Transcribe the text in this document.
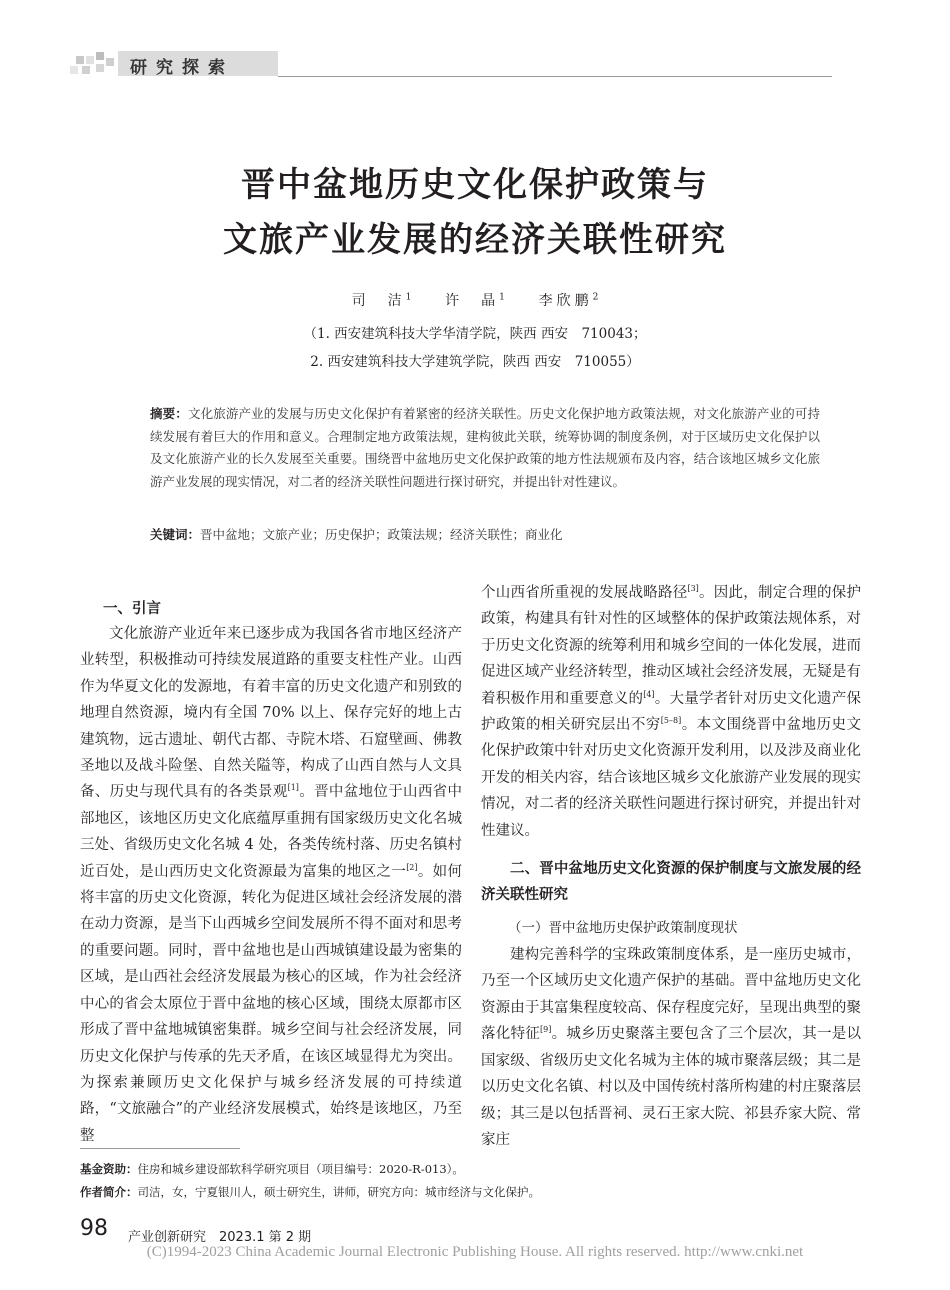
研究探索
晋中盆地历史文化保护政策与
文旅产业发展的经济关联性研究
司　洁$^1$ 许　晶$^1$ 李欣鹏$^2$
（1. 西安建筑科技大学华清学院，陕西 西安　710043；
2. 西安建筑科技大学建筑学院，陕西 西安　710055）
摘要：文化旅游产业的发展与历史文化保护有着紧密的经济关联性。历史文化保护地方政策法规，对文化旅游产业的可持续发展有着巨大的作用和意义。合理制定地方政策法规，建构彼此关联，统筹协调的制度条例，对于区域历史文化保护以及文化旅游产业的长久发展至关重要。围绕晋中盆地历史文化保护政策的地方性法规颁布及内容，结合该地区城乡文化旅游产业发展的现实情况，对二者的经济关联性问题进行探讨研究，并提出针对性建议。
关键词：晋中盆地；文旅产业；历史保护；政策法规；经济关联性；商业化
一、引言
文化旅游产业近年来已逐步成为我国各省市地区经济产业转型，积极推动可持续发展道路的重要支柱性产业。山西作为华夏文化的发源地，有着丰富的历史文化遗产和别致的地理自然资源，境内有全国 70% 以上、保存完好的地上古建筑物，远古遗址、朝代古都、寺院木塔、石窟壁画、佛教圣地以及战斗险堡、自然关隘等，构成了山西自然与人文具备、历史与现代具有的各类景观[1]。晋中盆地位于山西省中部地区，该地区历史文化底蕴厚重拥有国家级历史文化名城三处、省级历史文化名城 4 处，各类传统村落、历史名镇村近百处，是山西历史文化资源最为富集的地区之一[2]。如何将丰富的历史文化资源，转化为促进区域社会经济发展的潜在动力资源，是当下山西城乡空间发展所不得不面对和思考的重要问题。同时，晋中盆地也是山西城镇建设最为密集的区域，是山西社会经济发展最为核心的区域，作为社会经济中心的省会太原位于晋中盆地的核心区域，围绕太原都市区形成了晋中盆地城镇密集群。城乡空间与社会经济发展，同历史文化保护与传承的先天矛盾，在该区域显得尤为突出。为探索兼顾历史文化保护与城乡经济发展的可持续道路，“文旅融合”的产业经济发展模式，始终是该地区，乃至整
个山西省所重视的发展战略路径[3]。因此，制定合理的保护政策，构建具有针对性的区域整体的保护政策法规体系，对于历史文化资源的统筹利用和城乡空间的一体化发展，进而促进区域产业经济转型，推动区域社会经济发展，无疑是有着积极作用和重要意义的[4]。大量学者针对历史文化遗产保护政策的相关研究层出不穷[5–8]。本文围绕晋中盆地历史文化保护政策中针对历史文化资源开发利用，以及涉及商业化开发的相关内容，结合该地区城乡文化旅游产业发展的现实情况，对二者的经济关联性问题进行探讨研究，并提出针对性建议。
二、晋中盆地历史文化资源的保护制度与文旅发展的经济关联性研究
（一）晋中盆地历史保护政策制度现状
建构完善科学的宝珠政策制度体系，是一座历史城市，乃至一个区域历史文化遗产保护的基础。晋中盆地历史文化资源由于其富集程度较高、保存程度完好，呈现出典型的聚落化特征[9]。城乡历史聚落主要包含了三个层次，其一是以国家级、省级历史文化名城为主体的城市聚落层级；其二是以历史文化名镇、村以及中国传统村落所构建的村庄聚落层级；其三是以包括晋祠、灵石王家大院、祁县乔家大院、常家庄
基金资助：住房和城乡建设部软科学研究项目（项目编号：2020-R-013）。
作者简介：司洁，女，宁夏银川人，硕士研究生，讲师，研究方向：城市经济与文化保护。
98 产业创新研究　2023.1 第 2 期
(C)1994-2023 China Academic Journal Electronic Publishing House. All rights reserved. http://www.cnki.net
